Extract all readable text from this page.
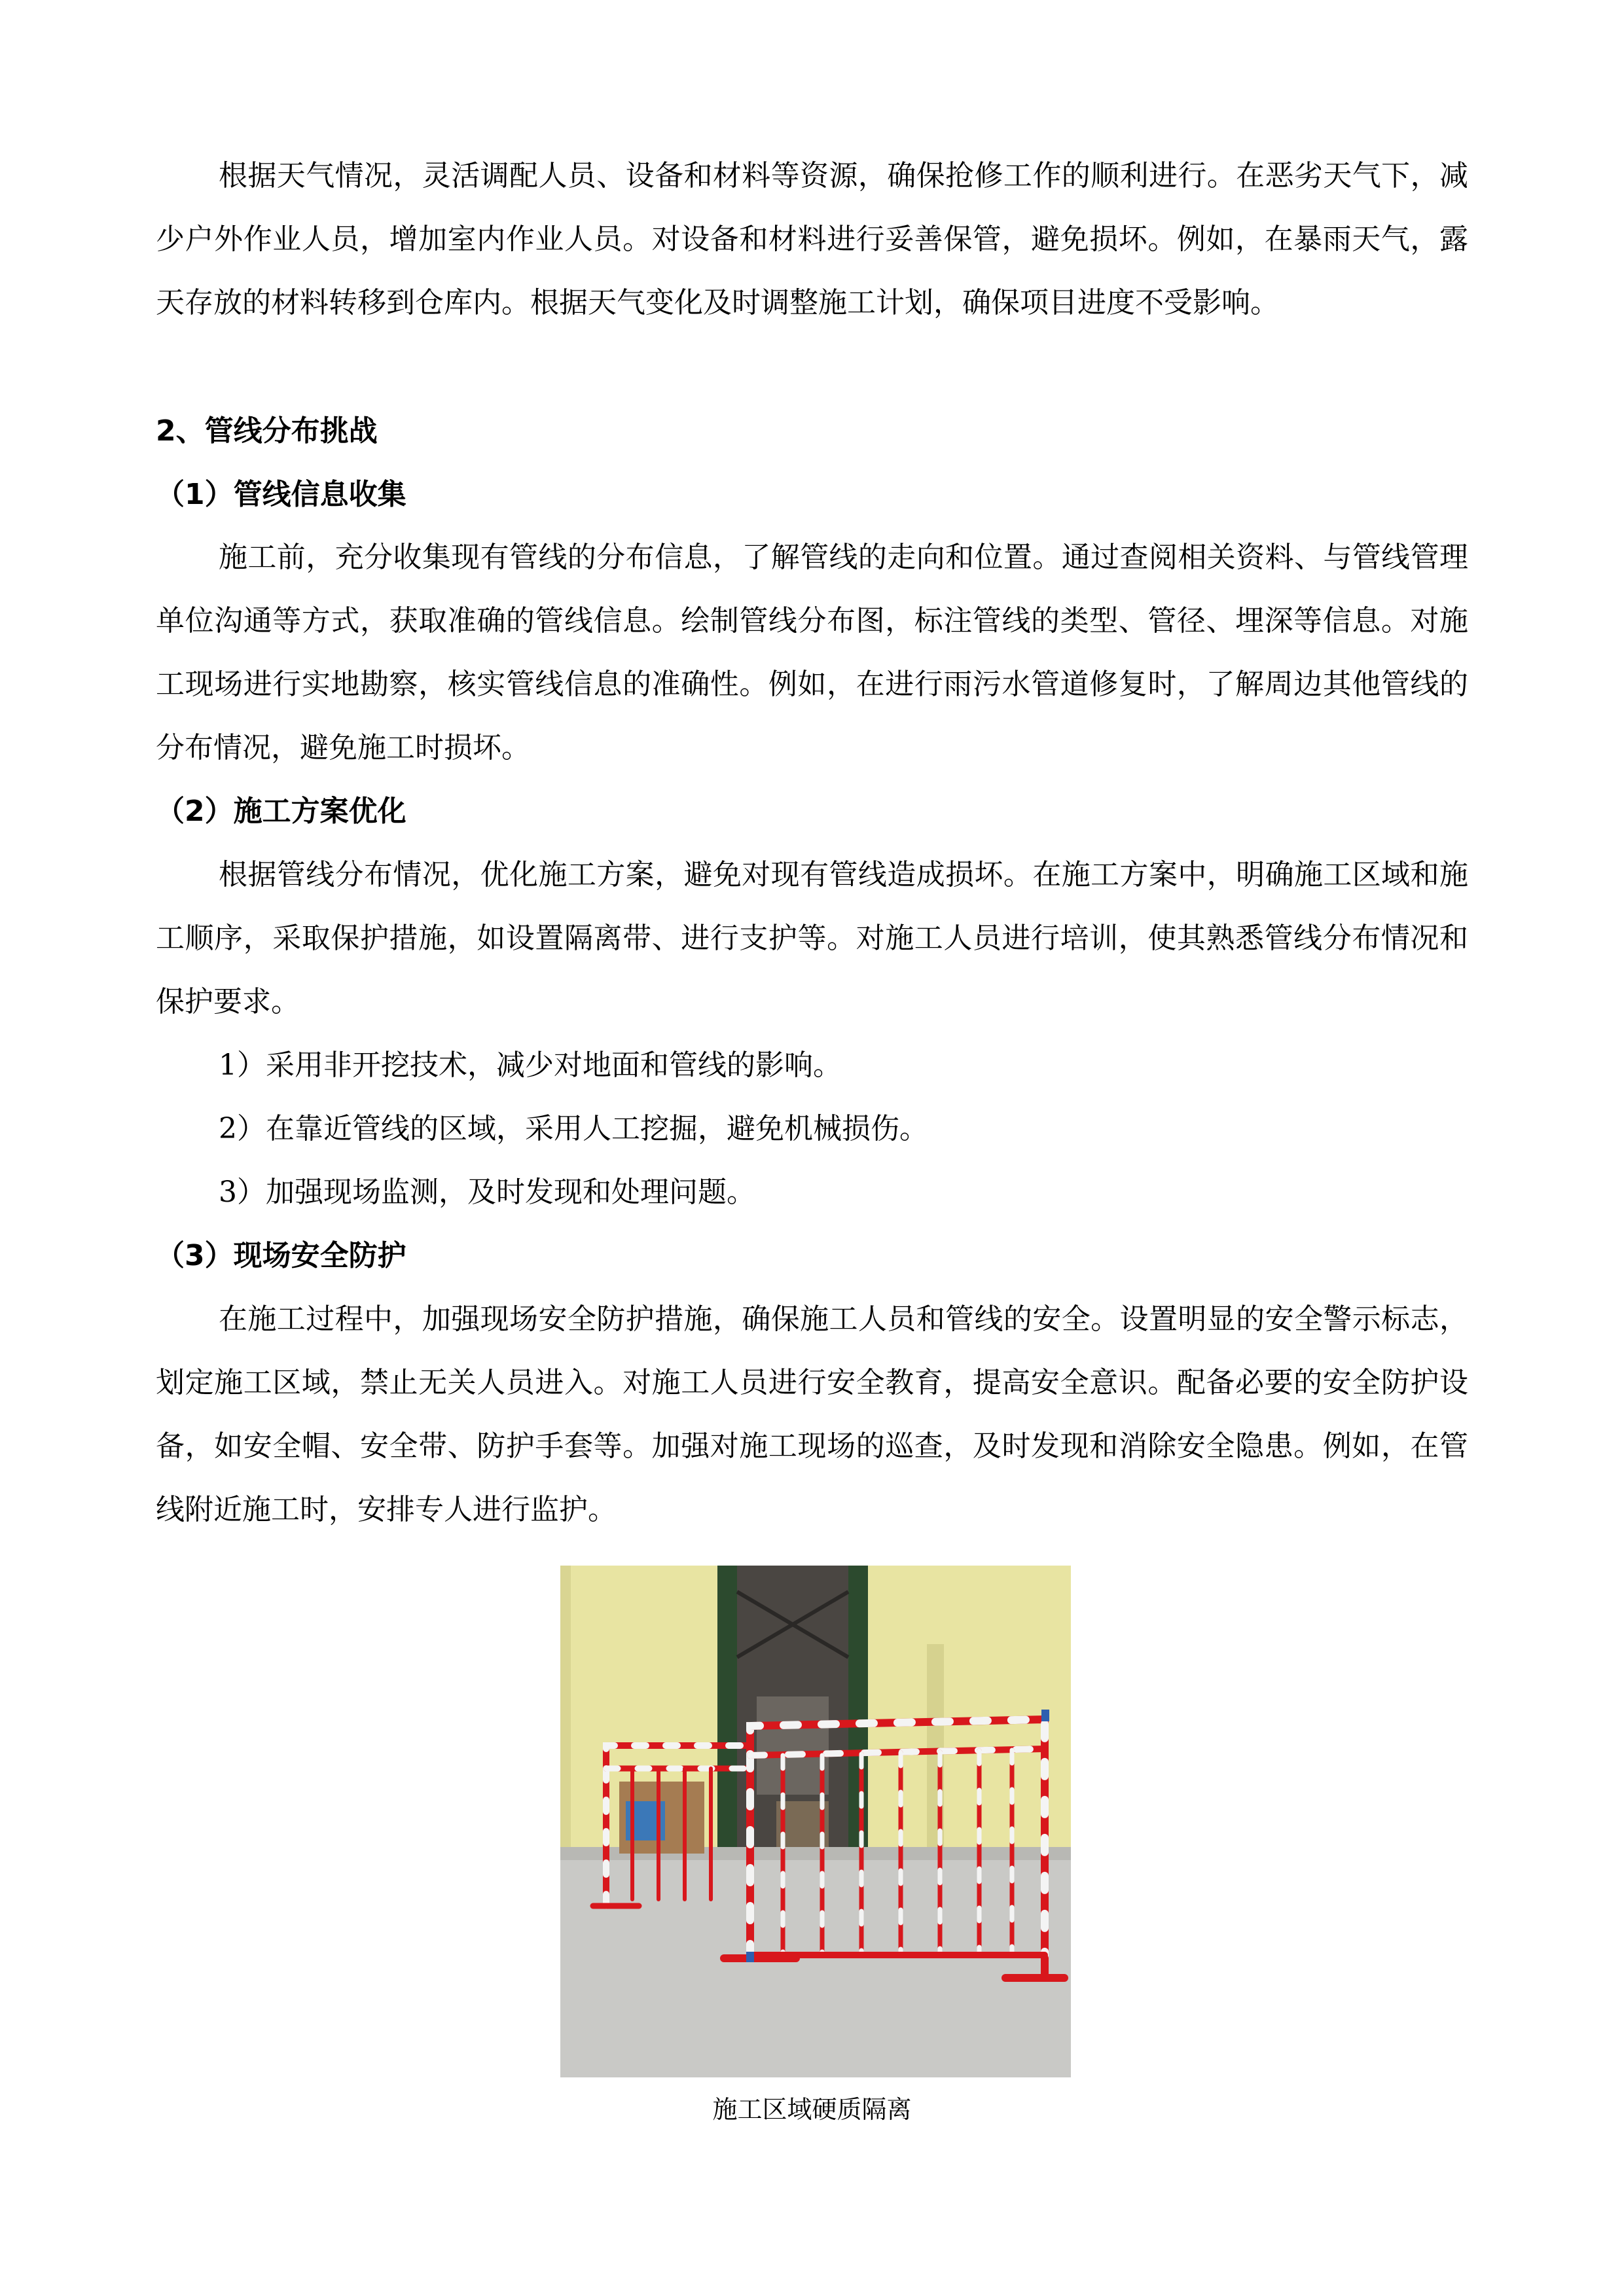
根据天气情况，灵活调配人员、设备和材料等资源，确保抢修工作的顺利进行。在恶劣天气下，减少户外作业人员，增加室内作业人员。对设备和材料进行妥善保管，避免损坏。例如，在暴雨天气，露天存放的材料转移到仓库内。根据天气变化及时调整施工计划，确保项目进度不受影响。
2、管线分布挑战
（1）管线信息收集
施工前，充分收集现有管线的分布信息，了解管线的走向和位置。通过查阅相关资料、与管线管理单位沟通等方式，获取准确的管线信息。绘制管线分布图，标注管线的类型、管径、埋深等信息。对施工现场进行实地勘察，核实管线信息的准确性。例如，在进行雨污水管道修复时，了解周边其他管线的分布情况，避免施工时损坏。
（2）施工方案优化
根据管线分布情况，优化施工方案，避免对现有管线造成损坏。在施工方案中，明确施工区域和施工顺序，采取保护措施，如设置隔离带、进行支护等。对施工人员进行培训，使其熟悉管线分布情况和保护要求。
1）采用非开挖技术，减少对地面和管线的影响。
2）在靠近管线的区域，采用人工挖掘，避免机械损伤。
3）加强现场监测，及时发现和处理问题。
（3）现场安全防护
在施工过程中，加强现场安全防护措施，确保施工人员和管线的安全。设置明显的安全警示标志，划定施工区域，禁止无关人员进入。对施工人员进行安全教育，提高安全意识。配备必要的安全防护设备，如安全帽、安全带、防护手套等。加强对施工现场的巡查，及时发现和消除安全隐患。例如，在管线附近施工时，安排专人进行监护。
施工区域硬质隔离
